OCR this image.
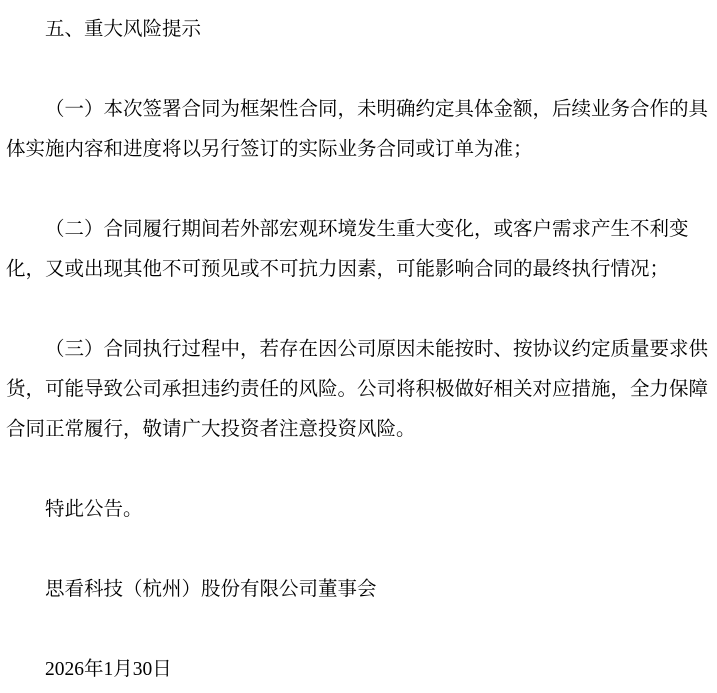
五、重大风险提示

（一）本次签署合同为框架性合同，未明确约定具体金额，后续业务合作的具

体实施内容和进度将以另行签订的实际业务合同或订单为准；

（二）合同履行期间若外部宏观环境发生重大变化，或客户需求产生不利变

化，又或出现其他不可预见或不可抗力因素，可能影响合同的最终执行情况；

（三）合同执行过程中，若存在因公司原因未能按时、按协议约定质量要求供

货，可能导致公司承担违约责任的风险。公司将积极做好相关对应措施，全力保障

合同正常履行，敬请广大投资者注意投资风险。

特此公告。

思看科技（杭州）股份有限公司董事会

2026年1月30日
